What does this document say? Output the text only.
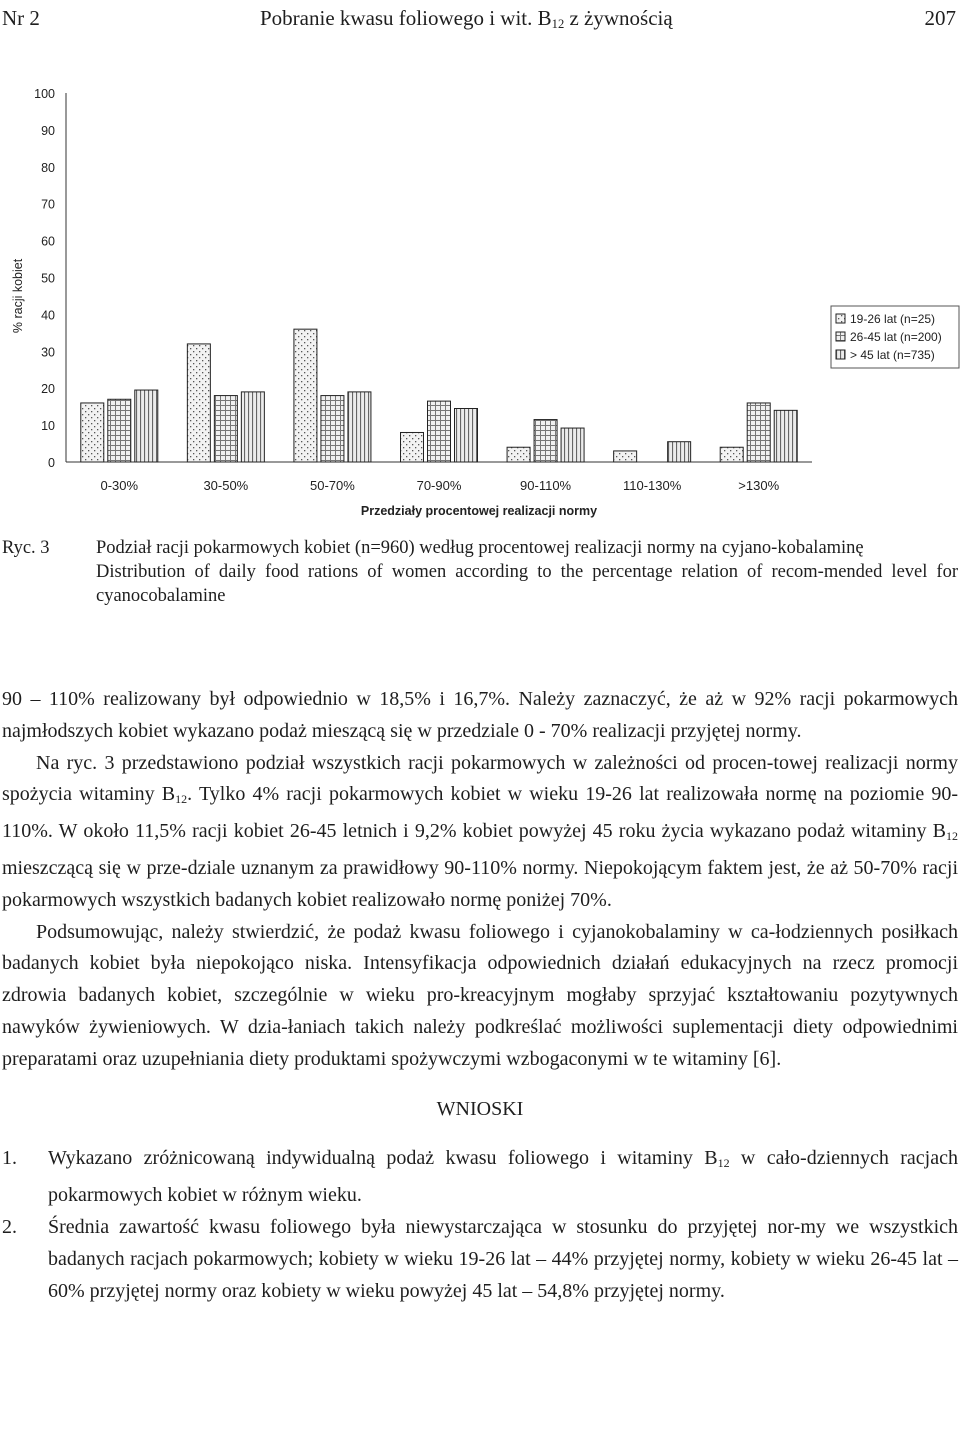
Nr 2	Pobranie kwasu foliowego i wit. $B_{12}$ z żywnością	207
0
10
20
30
40
50
60
70
80
90
100
% racji kobiet
0-30%	30-50%	50-70%	70-90%	90-110%	110-130%	>130%
Przedziały procentowej realizacji normy
19-26 lat (n=25)
26-45 lat (n=200)
> 45 lat (n=735)
Ryc. 3	Podział racji pokarmowych kobiet (n=960) według procentowej realizacji normy na cyjano-kobalaminę
Distribution of daily food rations of women according to the percentage relation of recom-mended level for cyanocobalamine

90 – 110% realizowany był odpowiednio w 18,5% i 16,7%. Należy zaznaczyć, że aż w 92% racji pokarmowych najmłodszych kobiet wykazano podaż mieszącą się w przedziale 0 - 70% realizacji przyjętej normy.

Na ryc. 3 przedstawiono podział wszystkich racji pokarmowych w zależności od procen-towej realizacji normy spożycia witaminy $B_{12}$. Tylko 4% racji pokarmowych kobiet w wieku 19-26 lat realizowała normę na poziomie 90-110%. W około 11,5% racji kobiet 26-45 letnich i 9,2% kobiet powyżej 45 roku życia wykazano podaż witaminy $B_{12}$ mieszczącą się w prze-dziale uznanym za prawidłowy 90-110% normy. Niepokojącym faktem jest, że aż 50-70% racji pokarmowych wszystkich badanych kobiet realizowało normę poniżej 70%.

Podsumowując, należy stwierdzić, że podaż kwasu foliowego i cyjanokobalaminy w ca-łodziennych posiłkach badanych kobiet była niepokojąco niska. Intensyfikacja odpowiednich działań edukacyjnych na rzecz promocji zdrowia badanych kobiet, szczególnie w wieku pro-kreacyjnym mogłaby sprzyjać kształtowaniu pozytywnych nawyków żywieniowych. W dzia-łaniach takich należy podkreślać możliwości suplementacji diety odpowiednimi preparatami oraz uzupełniania diety produktami spożywczymi wzbogaconymi w te witaminy [6].

WNIOSKI

1. Wykazano zróżnicowaną indywidualną podaż kwasu foliowego i witaminy $B_{12}$ w cało-dziennych racjach pokarmowych kobiet w różnym wieku.

2. Średnia zawartość kwasu foliowego była niewystarczająca w stosunku do przyjętej nor-my we wszystkich badanych racjach pokarmowych; kobiety w wieku 19-26 lat – 44% przyjętej normy, kobiety w wieku 26-45 lat – 60% przyjętej normy oraz kobiety w wieku powyżej 45 lat – 54,8% przyjętej normy.
